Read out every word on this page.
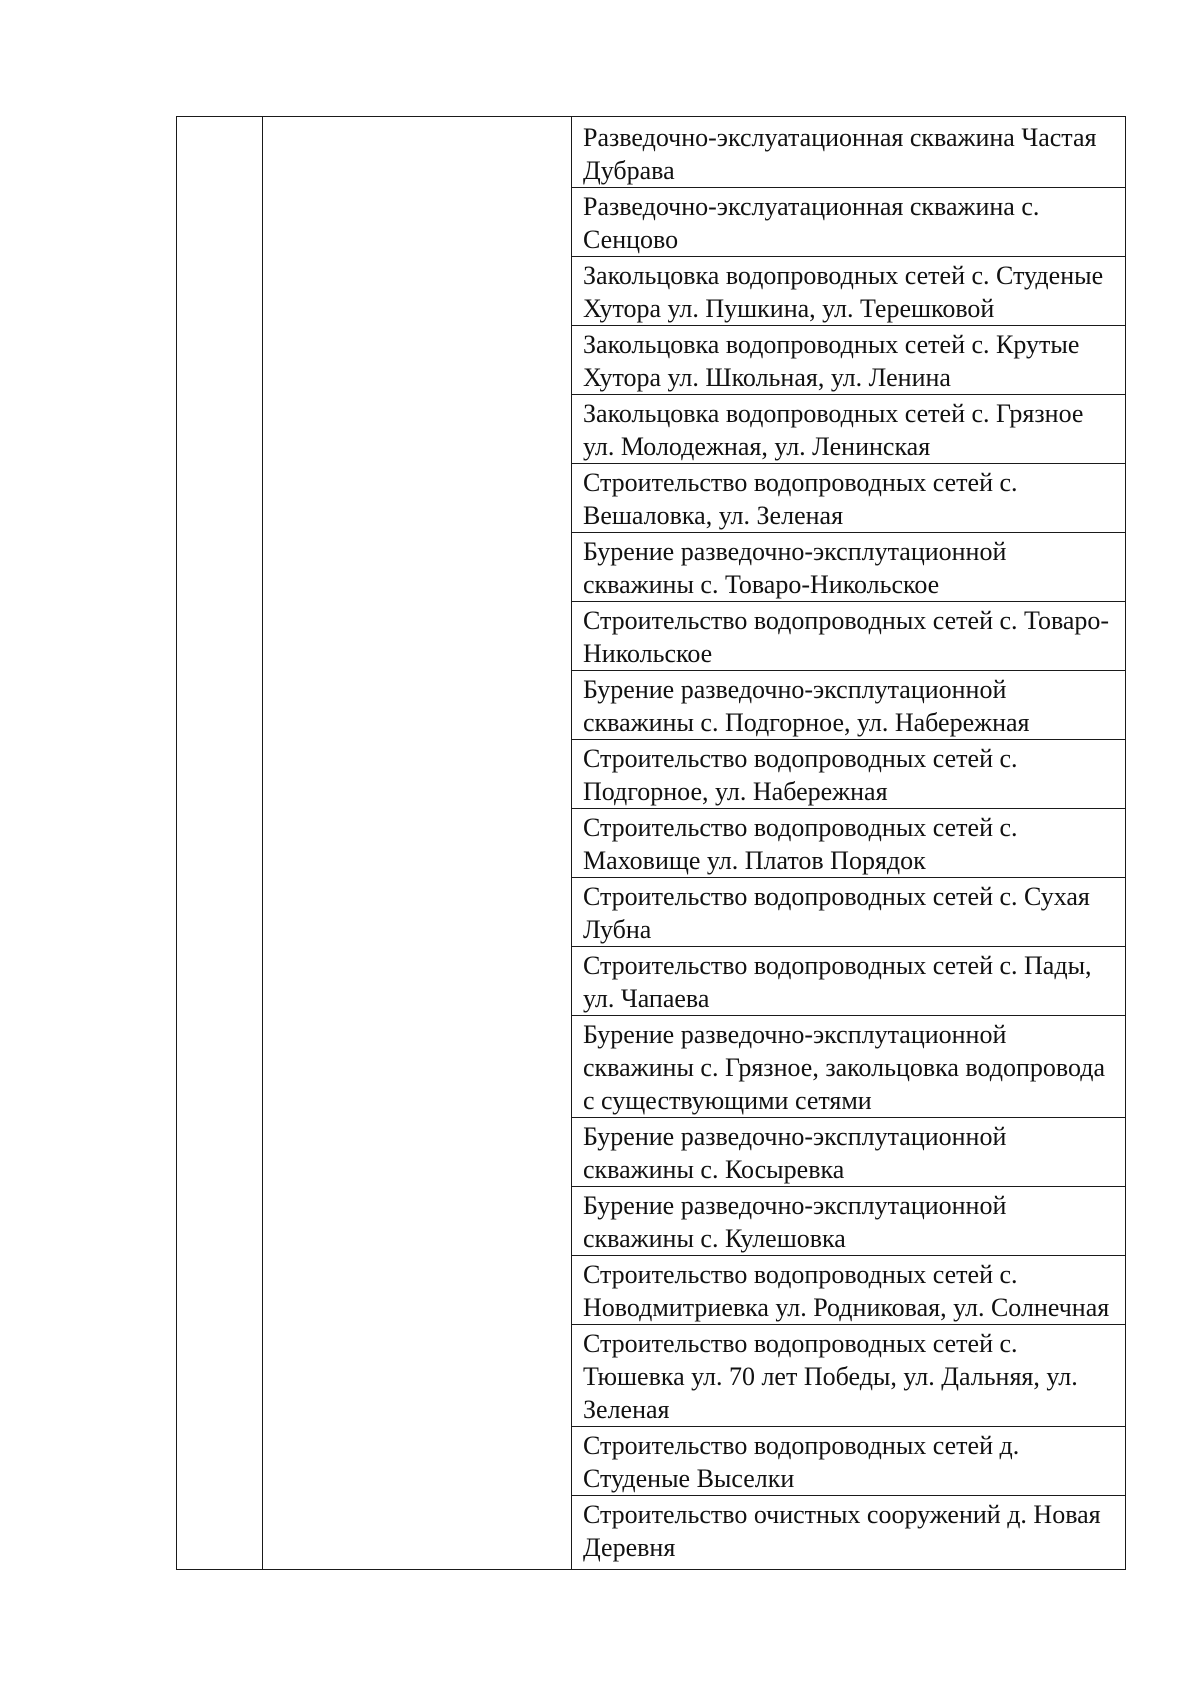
Разведочно-экслуатационная скважина Частая Дубрава
Разведочно-экслуатационная скважина с. Сенцово
Закольцовка водопроводных сетей с. Студеные Хутора ул. Пушкина, ул. Терешковой
Закольцовка водопроводных сетей с. Крутые Хутора ул. Школьная, ул. Ленина
Закольцовка водопроводных сетей с. Грязное ул. Молодежная, ул. Ленинская
Строительство водопроводных сетей с. Вешаловка, ул. Зеленая
Бурение разведочно-эксплутационной скважины с. Товаро-Никольское
Строительство водопроводных сетей с. Товаро-Никольское
Бурение разведочно-эксплутационной скважины с. Подгорное, ул. Набережная
Строительство водопроводных сетей с. Подгорное, ул. Набережная
Строительство водопроводных сетей с. Маховище ул. Платов Порядок
Строительство водопроводных сетей с. Сухая Лубна
Строительство водопроводных сетей с. Пады, ул. Чапаева
Бурение разведочно-эксплутационной скважины с. Грязное, закольцовка водопровода с существующими сетями
Бурение разведочно-эксплутационной скважины с. Косыревка
Бурение разведочно-эксплутационной скважины с. Кулешовка
Строительство водопроводных сетей с. Новодмитриевка ул. Родниковая, ул. Солнечная
Строительство водопроводных сетей с. Тюшевка ул. 70 лет Победы, ул. Дальняя, ул. Зеленая
Строительство водопроводных сетей д. Студеные Выселки
Строительство очистных сооружений д. Новая Деревня
